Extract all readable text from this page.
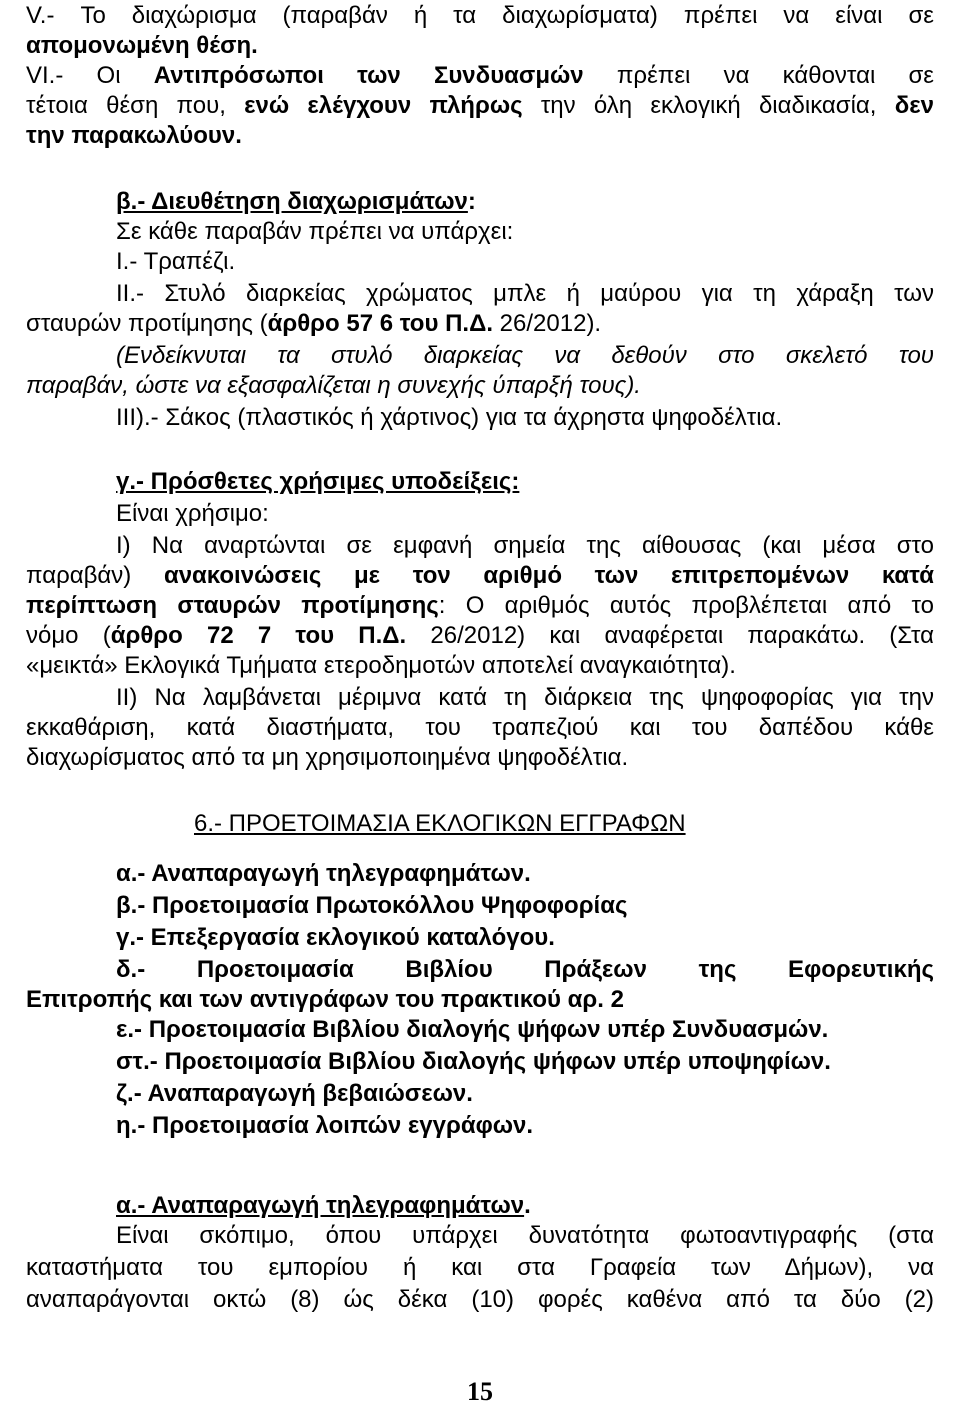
V.- Το διαχώρισμα (παραβάν ή τα διαχωρίσματα) πρέπει να είναι σε
απομονωμένη θέση.
VI.- Οι Αντιπρόσωποι των Συνδυασμών πρέπει να κάθονται σε
τέτοια θέση που, ενώ ελέγχουν πλήρως την όλη εκλογική διαδικασία, δεν
την παρακωλύουν.
β.- Διευθέτηση διαχωρισμάτων:
Σε κάθε παραβάν πρέπει να υπάρχει:
Ι.- Τραπέζι.
ΙΙ.- Στυλό διαρκείας χρώματος μπλε ή μαύρου για τη χάραξη των
σταυρών προτίμησης (άρθρο 57 6 του Π.Δ. 26/2012).
(Ενδείκνυται τα στυλό διαρκείας να δεθούν στο σκελετό του
παραβάν, ώστε να εξασφαλίζεται η συνεχής ύπαρξή τους).
ΙΙΙ).- Σάκος (πλαστικός ή χάρτινος) για τα άχρηστα ψηφοδέλτια.
γ.- Πρόσθετες χρήσιμες υποδείξεις:
Είναι χρήσιμο:
Ι) Να αναρτώνται σε εμφανή σημεία της αίθουσας (και μέσα στο
παραβάν) ανακοινώσεις με τον αριθμό των επιτρεπομένων κατά
περίπτωση σταυρών προτίμησης: Ο αριθμός αυτός προβλέπεται από το
νόμο (άρθρο 72 7 του Π.Δ. 26/2012) και αναφέρεται παρακάτω. (Στα
«μεικτά» Εκλογικά Τμήματα ετεροδημοτών αποτελεί αναγκαιότητα).
ΙΙ) Να λαμβάνεται μέριμνα κατά τη διάρκεια της ψηφοφορίας για την
εκκαθάριση, κατά διαστήματα, του τραπεζιού και του δαπέδου κάθε
διαχωρίσματος από τα μη χρησιμοποιημένα ψηφοδέλτια.
6.- ΠΡΟΕΤΟΙΜΑΣΙΑ ΕΚΛΟΓΙΚΩΝ ΕΓΓΡΑΦΩΝ
α.- Αναπαραγωγή τηλεγραφημάτων.
β.- Προετοιμασία Πρωτοκόλλου Ψηφοφορίας
γ.- Επεξεργασία εκλογικού καταλόγου.
δ.- Προετοιμασία Βιβλίου Πράξεων της Εφορευτικής
Επιτροπής και των αντιγράφων του πρακτικού αρ. 2
ε.- Προετοιμασία Βιβλίου διαλογής ψήφων υπέρ Συνδυασμών.
στ.- Προετοιμασία Βιβλίου διαλογής ψήφων υπέρ υποψηφίων.
ζ.- Αναπαραγωγή βεβαιώσεων.
η.- Προετοιμασία λοιπών εγγράφων.
α.- Αναπαραγωγή τηλεγραφημάτων.
Είναι σκόπιμο, όπου υπάρχει δυνατότητα φωτοαντιγραφής (στα
καταστήματα του εμπορίου ή και στα Γραφεία των Δήμων), να
αναπαράγονται οκτώ (8) ώς δέκα (10) φορές καθένα από τα δύο (2)
15
